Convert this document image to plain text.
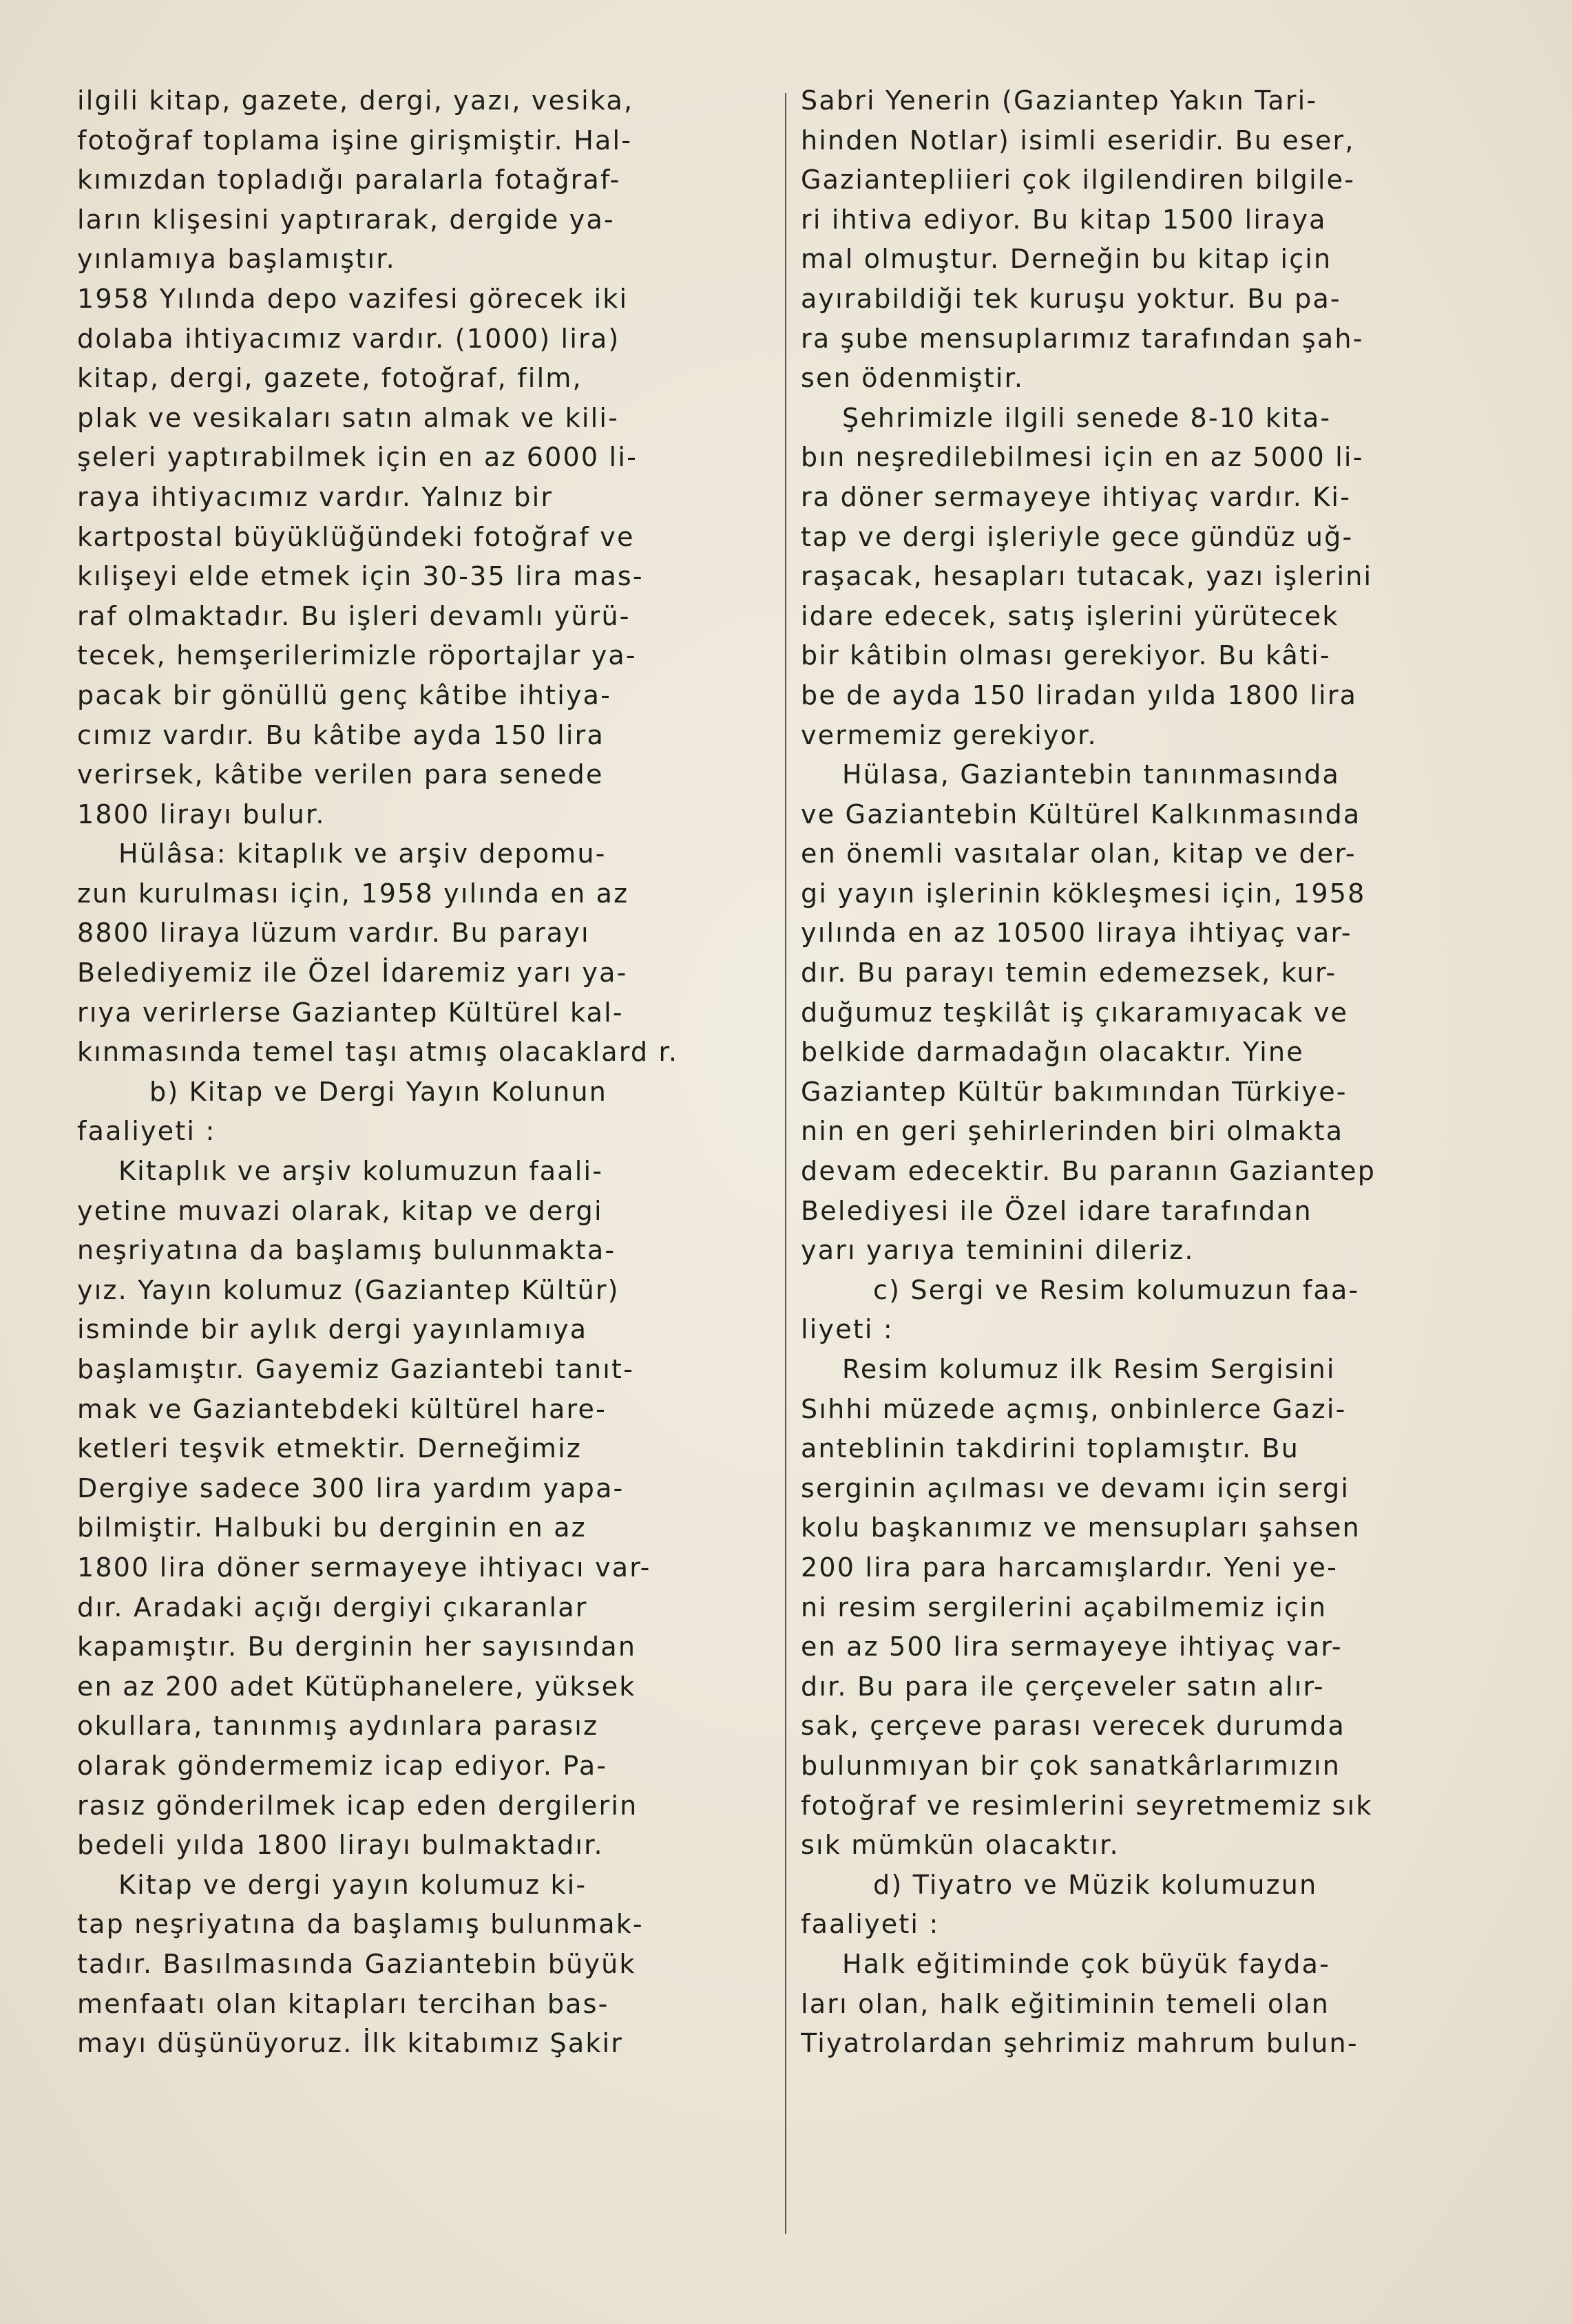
ilgili kitap, gazete, dergi, yazı, vesika,
fotoğraf toplama işine girişmiştir. Hal-
kımızdan topladığı paralarla fotağraf-
ların klişesini yaptırarak, dergide ya-
yınlamıya başlamıştır.
1958 Yılında depo vazifesi görecek iki
dolaba ihtiyacımız vardır. (1000) lira)
kitap, dergi, gazete, fotoğraf, film,
plak ve vesikaları satın almak ve kili-
şeleri yaptırabilmek için en az 6000 li-
raya ihtiyacımız vardır. Yalnız bir
kartpostal büyüklüğündeki fotoğraf ve
kılişeyi elde etmek için 30-35 lira mas-
raf olmaktadır. Bu işleri devamlı yürü-
tecek, hemşerilerimizle röportajlar ya-
pacak bir gönüllü genç kâtibe ihtiya-
cımız vardır. Bu kâtibe ayda 150 lira
verirsek, kâtibe verilen para senede
1800 lirayı bulur.
Hülâsa: kitaplık ve arşiv depomu-
zun kurulması için, 1958 yılında en az
8800 liraya lüzum vardır. Bu parayı
Belediyemiz ile Özel İdaremiz yarı ya-
rıya verirlerse Gaziantep Kültürel kal-
kınmasında temel taşı atmış olacaklard r.
b) Kitap ve Dergi Yayın Kolunun
faaliyeti :
Kitaplık ve arşiv kolumuzun faali-
yetine muvazi olarak, kitap ve dergi
neşriyatına da başlamış bulunmakta-
yız. Yayın kolumuz (Gaziantep Kültür)
isminde bir aylık dergi yayınlamıya
başlamıştır. Gayemiz Gaziantebi tanıt-
mak ve Gaziantebdeki kültürel hare-
ketleri teşvik etmektir. Derneğimiz
Dergiye sadece 300 lira yardım yapa-
bilmiştir. Halbuki bu derginin en az
1800 lira döner sermayeye ihtiyacı var-
dır. Aradaki açığı dergiyi çıkaranlar
kapamıştır. Bu derginin her sayısından
en az 200 adet Kütüphanelere, yüksek
okullara, tanınmış aydınlara parasız
olarak göndermemiz icap ediyor. Pa-
rasız gönderilmek icap eden dergilerin
bedeli yılda 1800 lirayı bulmaktadır.
Kitap ve dergi yayın kolumuz ki-
tap neşriyatına da başlamış bulunmak-
tadır. Basılmasında Gaziantebin büyük
menfaatı olan kitapları tercihan bas-
mayı düşünüyoruz. İlk kitabımız Şakir
Sabri Yenerin (Gaziantep Yakın Tari-
hinden Notlar) isimli eseridir. Bu eser,
Gaziantepliieri çok ilgilendiren bilgile-
ri ihtiva ediyor. Bu kitap 1500 liraya
mal olmuştur. Derneğin bu kitap için
ayırabildiği tek kuruşu yoktur. Bu pa-
ra şube mensuplarımız tarafından şah-
sen ödenmiştir.
Şehrimizle ilgili senede 8-10 kita-
bın neşredilebilmesi için en az 5000 li-
ra döner sermayeye ihtiyaç vardır. Ki-
tap ve dergi işleriyle gece gündüz uğ-
raşacak, hesapları tutacak, yazı işlerini
idare edecek, satış işlerini yürütecek
bir kâtibin olması gerekiyor. Bu kâti-
be de ayda 150 liradan yılda 1800 lira
vermemiz gerekiyor.
Hülasa, Gaziantebin tanınmasında
ve Gaziantebin Kültürel Kalkınmasında
en önemli vasıtalar olan, kitap ve der-
gi yayın işlerinin kökleşmesi için, 1958
yılında en az 10500 liraya ihtiyaç var-
dır. Bu parayı temin edemezsek, kur-
duğumuz teşkilât iş çıkaramıyacak ve
belkide darmadağın olacaktır. Yine
Gaziantep Kültür bakımından Türkiye-
nin en geri şehirlerinden biri olmakta
devam edecektir. Bu paranın Gaziantep
Belediyesi ile Özel idare tarafından
yarı yarıya teminini dileriz.
c) Sergi ve Resim kolumuzun faa-
liyeti :
Resim kolumuz ilk Resim Sergisini
Sıhhi müzede açmış, onbinlerce Gazi-
anteblinin takdirini toplamıştır. Bu
serginin açılması ve devamı için sergi
kolu başkanımız ve mensupları şahsen
200 lira para harcamışlardır. Yeni ye-
ni resim sergilerini açabilmemiz için
en az 500 lira sermayeye ihtiyaç var-
dır. Bu para ile çerçeveler satın alır-
sak, çerçeve parası verecek durumda
bulunmıyan bir çok sanatkârlarımızın
fotoğraf ve resimlerini seyretmemiz sık
sık mümkün olacaktır.
d) Tiyatro ve Müzik kolumuzun
faaliyeti :
Halk eğitiminde çok büyük fayda-
ları olan, halk eğitiminin temeli olan
Tiyatrolardan şehrimiz mahrum bulun-
